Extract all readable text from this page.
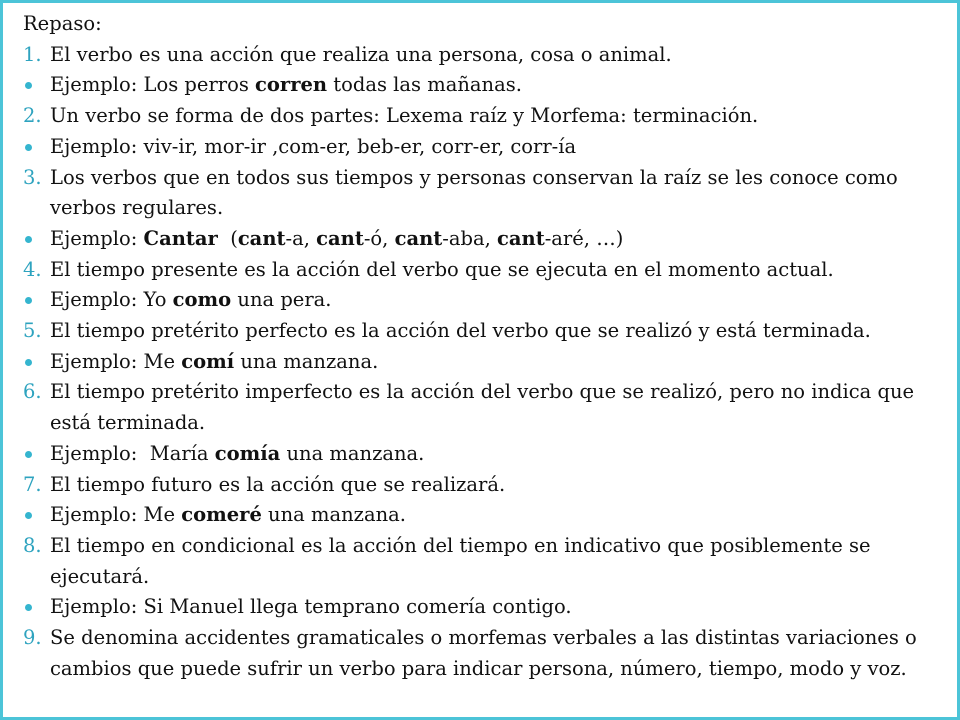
Repaso:
1. El verbo es una acción que realiza una persona, cosa o animal.
Ejemplo: Los perros corren todas las mañanas.
2. Un verbo se forma de dos partes: Lexema raíz y Morfema: terminación.
Ejemplo: viv-ir, mor-ir ,com-er, beb-er, corr-er, corr-ía
3. Los verbos que en todos sus tiempos y personas conservan la raíz se les conoce como verbos regulares.
Ejemplo: Cantar  (cant-a, cant-ó, cant-aba, cant-aré, …)
4. El tiempo presente es la acción del verbo que se ejecuta en el momento actual.
Ejemplo: Yo como una pera.
5. El tiempo pretérito perfecto es la acción del verbo que se realizó y está terminada.
Ejemplo: Me comí una manzana.
6. El tiempo pretérito imperfecto es la acción del verbo que se realizó, pero no indica que está terminada.
Ejemplo:  María comía una manzana.
7. El tiempo futuro es la acción que se realizará.
Ejemplo: Me comeré una manzana.
8. El tiempo en condicional es la acción del tiempo en indicativo que posiblemente se ejecutará.
Ejemplo: Si Manuel llega temprano comería contigo.
9. Se denomina accidentes gramaticales o morfemas verbales a las distintas variaciones o cambios que puede sufrir un verbo para indicar persona, número, tiempo, modo y voz.
